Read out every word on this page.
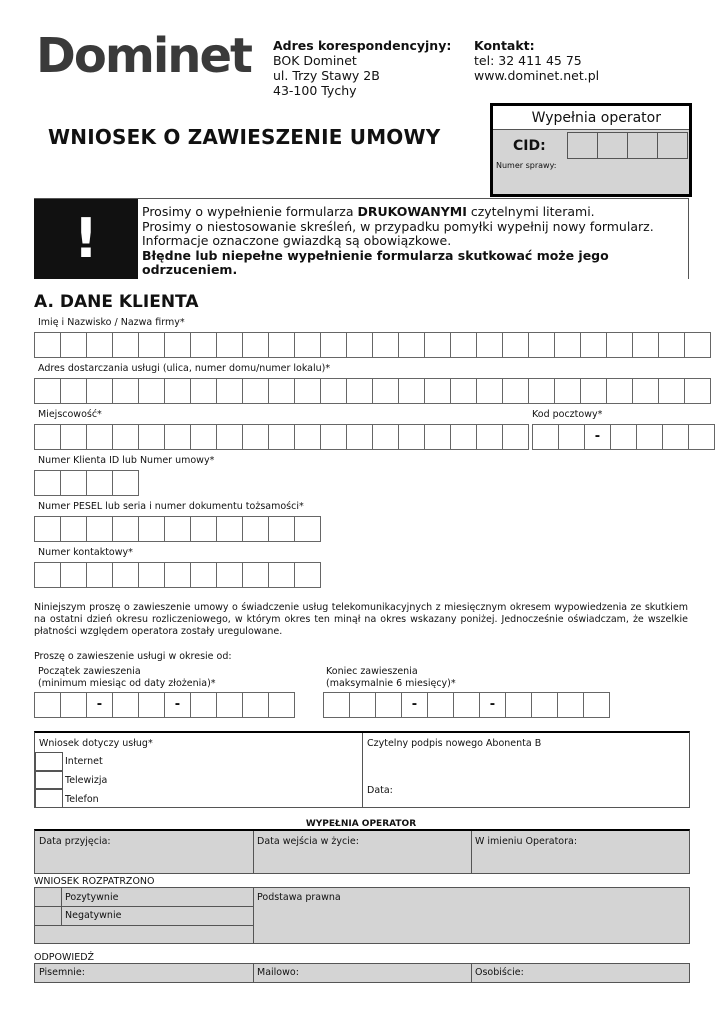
Dominet Adres korespondencyjny:
BOK Dominet
ul. Trzy Stawy 2B
43-100 Tychy
Kontakt:
tel: 32 411 45 75
www.dominet.net.pl
WNIOSEK O ZAWIESZENIE UMOWY
Wypełnia operator
CID:
Numer sprawy:
!	Prosimy o wypełnienie formularza DRUKOWANYMI czytelnymi literami.
Prosimy o niestosowanie skreśleń, w przypadku pomyłki wypełnij nowy formularz.
Informacje oznaczone gwiazdką są obowiązkowe.
Błędne lub niepełne wypełnienie formularza skutkować może jego odrzuceniem.
A. DANE KLIENTA
Imię i Nazwisko / Nazwa firmy*
Adres dostarczania usługi (ulica, numer domu/numer lokalu)*
Miejscowość*	Kod pocztowy*
-
Numer Klienta ID lub Numer umowy*
Numer PESEL lub seria i numer dokumentu tożsamości*
Numer kontaktowy*
Niniejszym proszę o zawieszenie umowy o świadczenie usług telekomunikacyjnych z miesięcznym okresem wypowiedzenia ze skutkiem na ostatni dzień okresu rozliczeniowego, w którym okres ten minął na okres wskazany poniżej. Jednocześnie oświadczam, że wszelkie płatności względem operatora zostały uregulowane.
Proszę o zawieszenie usługi w okresie od:
Początek zawieszenia
(minimum miesiąc od daty złożenia)*
Koniec zawieszenia
(maksymalnie 6 miesięcy)*
-	-	-	-
Wniosek dotyczy usług*
Internet
Telewizja
Telefon
Czytelny podpis nowego Abonenta B
Data:
WYPEŁNIA OPERATOR
Data przyjęcia:	Data wejścia w życie:	W imieniu Operatora:
WNIOSEK ROZPATRZONO
Pozytywnie
Negatywnie
Podstawa prawna
ODPOWIEDŹ
Pisemnie:	Mailowo:	Osobiście:
